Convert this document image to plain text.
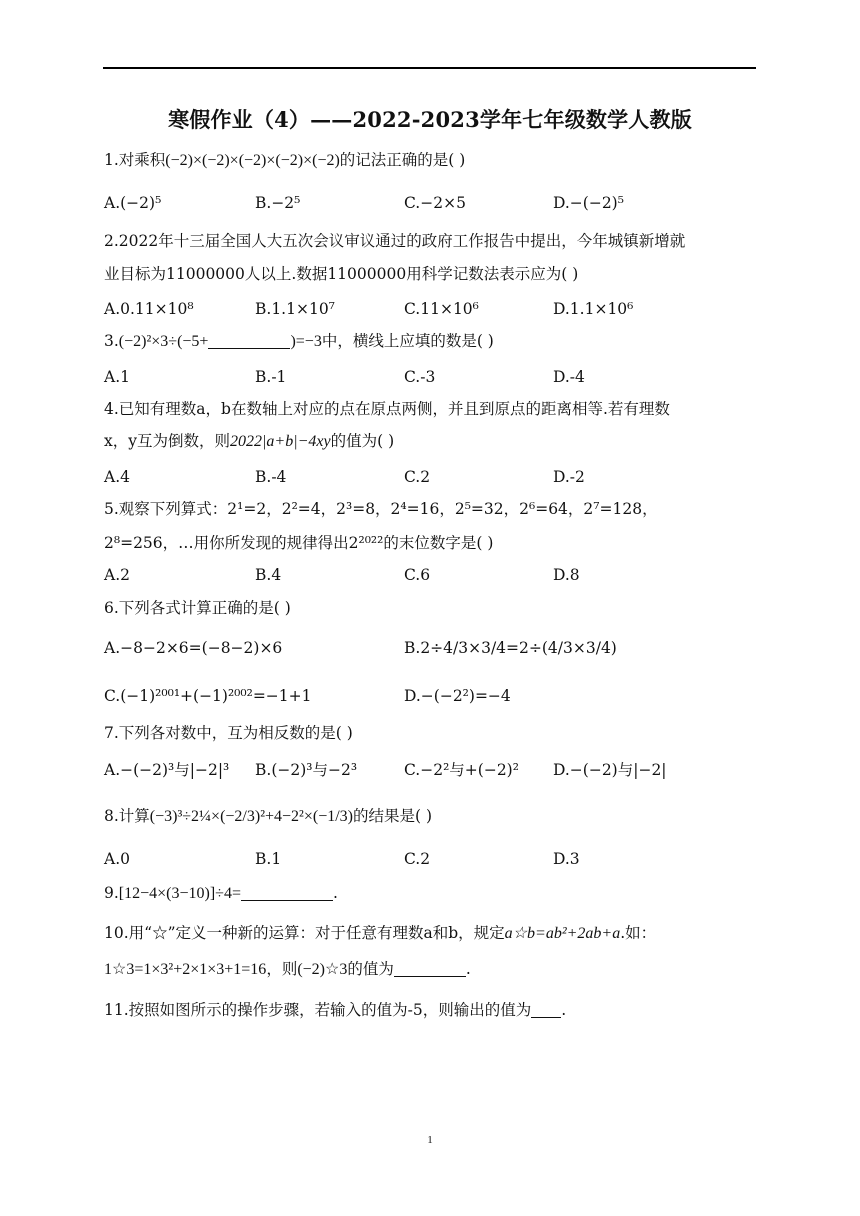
寒假作业（4）——2022-2023学年七年级数学人教版
1.对乘积(−2)×(−2)×(−2)×(−2)×(−2)的记法正确的是( )
A.(−2)⁵	B.−2⁵	C.−2×5	D.−(−2)⁵
2.2022年十三届全国人大五次会议审议通过的政府工作报告中提出，今年城镇新增就
业目标为11000000人以上.数据11000000用科学记数法表示应为( )
A.0.11×10⁸	B.1.1×10⁷	C.11×10⁶	D.1.1×10⁶
3.(−2)²×3÷(−5+	)=−3中，横线上应填的数是( )
A.1	B.-1	C.-3	D.-4
4.已知有理数a，b在数轴上对应的点在原点两侧，并且到原点的距离相等.若有理数
x，y互为倒数，则2022|a+b|−4xy的值为( )
A.4	B.-4	C.2	D.-2
5.观察下列算式：2¹=2，2²=4，2³=8，2⁴=16，2⁵=32，2⁶=64，2⁷=128，
2⁸=256，…用你所发现的规律得出2²⁰²²的末位数字是( )
A.2	B.4	C.6	D.8
6.下列各式计算正确的是( )
A.−8−2×6=(−8−2)×6	B.2÷4/3×3/4=2÷(4/3×3/4)
C.(−1)²⁰⁰¹+(−1)²⁰⁰²=−1+1	D.−(−2²)=−4
7.下列各对数中，互为相反数的是( )
A.−(−2)³与|−2|³ B.(−2)³与−2³	C.−2²与+(−2)² D.−(−2)与|−2|
8.计算(−3)³÷2¼×(−2/3)²+4−2²×(−1/3)的结果是( )
A.0	B.1	C.2	D.3
9.[12−4×(3−10)]÷4=	.
10.用“☆”定义一种新的运算：对于任意有理数a和b，规定a☆b=ab²+2ab+a.如：
1☆3=1×3²+2×1×3+1=16，则(−2)☆3的值为	.
11.按照如图所示的操作步骤，若输入的值为-5，则输出的值为 .
1
